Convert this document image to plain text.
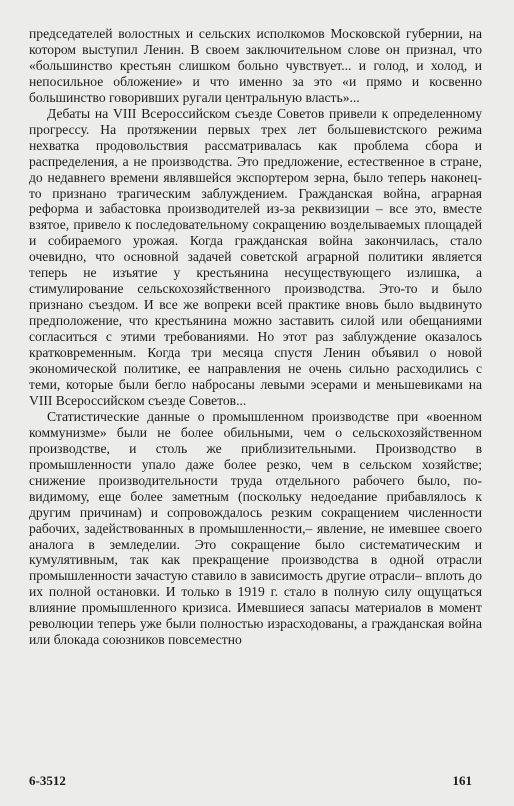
председателей волостных и сельских исполкомов Московской губернии, на котором выступил Ленин. В своем заключительном слове он признал, что «большинство крестьян слишком больно чувствует... и голод, и холод, и непосильное обложение» и что именно за это «и прямо и косвенно большинство говоривших ругали центральную власть»...

Дебаты на VIII Всероссийском съезде Советов привели к определенному прогрессу. На протяжении первых трех лет большевистского режима нехватка продовольствия рассматривалась как проблема сбора и распределения, а не производства. Это предложение, естественное в стране, до недавнего времени являвшейся экспортером зерна, было теперь наконец-то признано трагическим заблуждением. Гражданская война, аграрная реформа и забастовка производителей из-за реквизиции – все это, вместе взятое, привело к последовательному сокращению возделываемых площадей и собираемого урожая. Когда гражданская война закончилась, стало очевидно, что основной задачей советской аграрной политики является теперь не изъятие у крестьянина несуществующего излишка, а стимулирование сельскохозяйственного производства. Это-то и было признано съездом. И все же вопреки всей практике вновь было выдвинуто предположение, что крестьянина можно заставить силой или обещаниями согласиться с этими требованиями. Но этот раз заблуждение оказалось кратковременным. Когда три месяца спустя Ленин объявил о новой экономической политике, ее направления не очень сильно расходились с теми, которые были бегло набросаны левыми эсерами и меньшевиками на VIII Всероссийском съезде Советов...

Статистические данные о промышленном производстве при «военном коммунизме» были не более обильными, чем о сельскохозяйственном производстве, и столь же приблизительными. Производство в промышленности упало даже более резко, чем в сельском хозяйстве; снижение производительности труда отдельного рабочего было, по-видимому, еще более заметным (поскольку недоедание прибавлялось к другим причинам) и сопровождалось резким сокращением численности рабочих, задействованных в промышленности,– явление, не имевшее своего аналога в земледелии. Это сокращение было систематическим и кумулятивным, так как прекращение производства в одной отрасли промышленности зачастую ставило в зависимость другие отрасли– вплоть до их полной остановки. И только в 1919 г. стало в полную силу ощущаться влияние промышленного кризиса. Имевшиеся запасы материалов в момент революции теперь уже были полностью израсходованы, а гражданская война или блокада союзников повсеместно

6-3512	161
